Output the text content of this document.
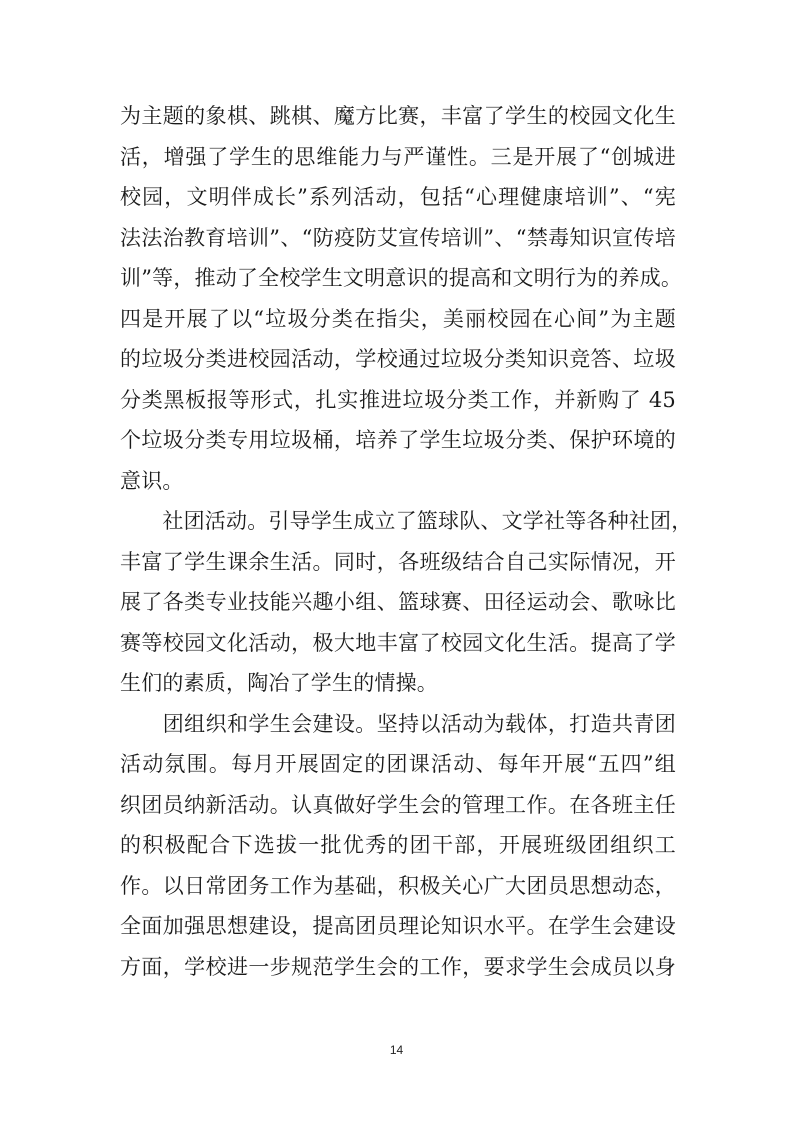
为主题的象棋、跳棋、魔方比赛，丰富了学生的校园文化生
活，增强了学生的思维能力与严谨性。三是开展了“创城进
校园，文明伴成长”系列活动，包括“心理健康培训”、“宪
法法治教育培训”、“防疫防艾宣传培训”、“禁毒知识宣传培
训”等，推动了全校学生文明意识的提高和文明行为的养成。
四是开展了以“垃圾分类在指尖，美丽校园在心间”为主题
的垃圾分类进校园活动，学校通过垃圾分类知识竞答、垃圾
分类黑板报等形式，扎实推进垃圾分类工作，并新购了 45
个垃圾分类专用垃圾桶，培养了学生垃圾分类、保护环境的
意识。
　　社团活动。引导学生成立了篮球队、文学社等各种社团，
丰富了学生课余生活。同时，各班级结合自己实际情况，开
展了各类专业技能兴趣小组、篮球赛、田径运动会、歌咏比
赛等校园文化活动，极大地丰富了校园文化生活。提高了学
生们的素质，陶冶了学生的情操。
　　团组织和学生会建设。坚持以活动为载体，打造共青团
活动氛围。每月开展固定的团课活动、每年开展“五四”组
织团员纳新活动。认真做好学生会的管理工作。在各班主任
的积极配合下选拔一批优秀的团干部，开展班级团组织工
作。以日常团务工作为基础，积极关心广大团员思想动态，
全面加强思想建设，提高团员理论知识水平。在学生会建设
方面，学校进一步规范学生会的工作，要求学生会成员以身
14
